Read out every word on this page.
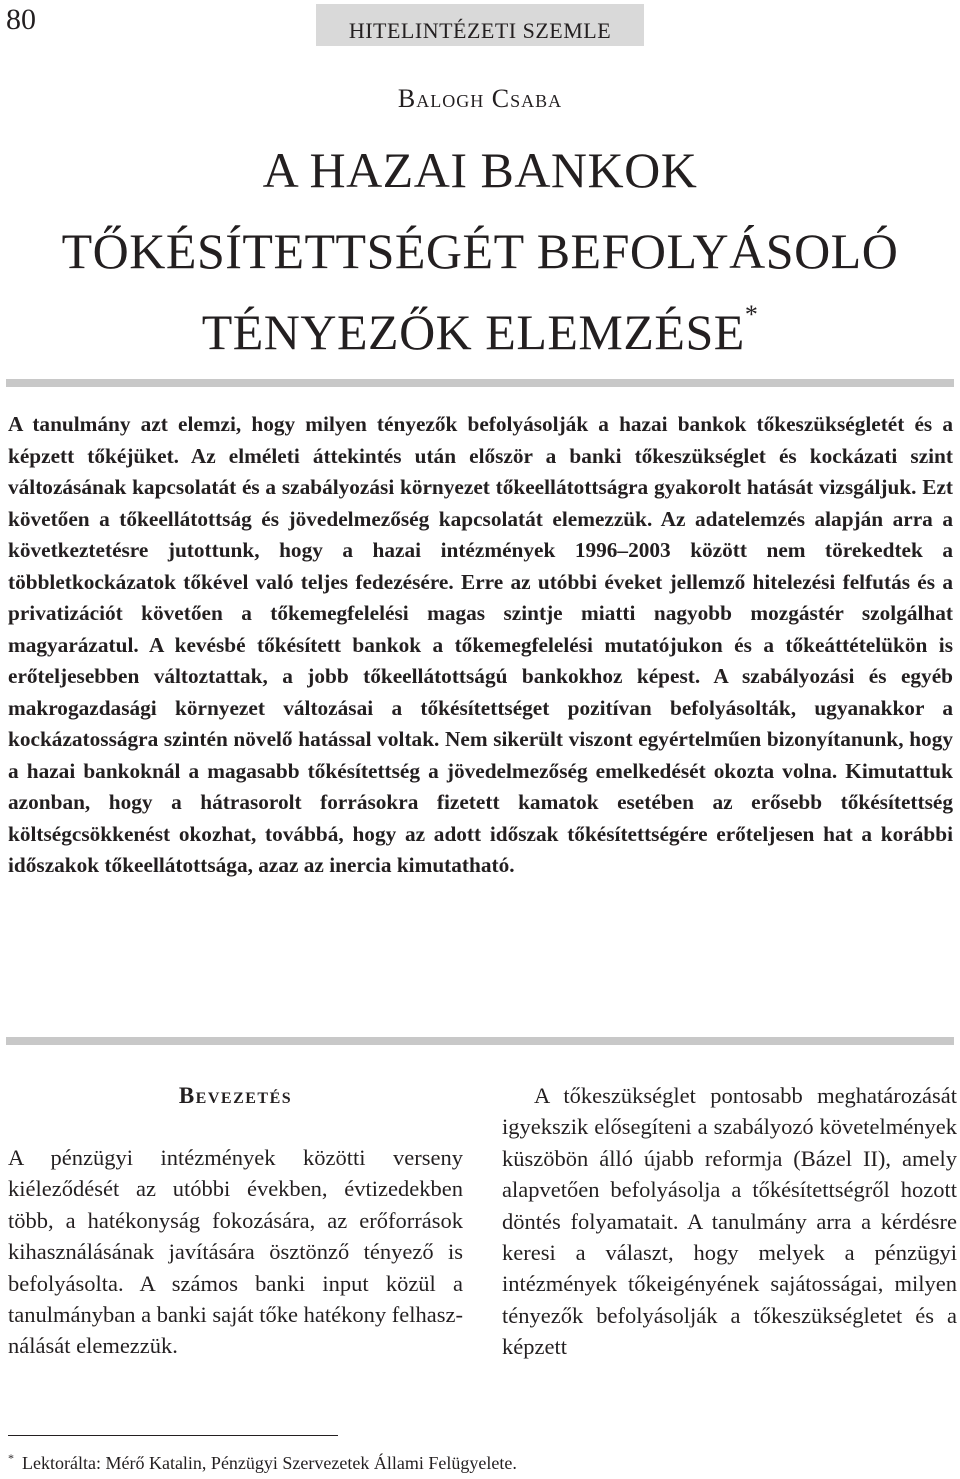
80	HITELINTÉZETI SZEMLE
Balogh Csaba
A HAZAI BANKOK
TŐKÉSÍTETTSÉGÉT BEFOLYÁSOLÓ
TÉNYEZŐK ELEMZÉSE*

A tanulmány azt elemzi, hogy milyen tényezők befolyásolják a hazai bankok tőkeszükségletét és a képzett tőkéjüket. Az elméleti áttekintés után először a banki tőkeszükséglet és kockázati szint változásának kapcsolatát és a szabályozási környezet tőkeellátottságra gyakorolt hatását vizsgáljuk. Ezt követően a tőkeellátottság és jövedelmezőség kapcsolatát elemezzük. Az adatelemzés alapján arra a következtetésre jutottunk, hogy a hazai intézmények 1996–2003 között nem törekedtek a többletkockázatok tőkével való teljes fedezésére. Erre az utóbbi éveket jellemző hitelezési felfutás és a privatizációt követően a tőkemegfelelési magas szintje miatti nagyobb mozgástér szolgálhat magyarázatul. A kevésbé tőkésített bankok a tőkemegfelelési mutatójukon és a tőkeáttételükön is erőteljesebben változtattak, a jobb tőkeellátottságú bankokhoz képest. A szabályozási és egyéb makrogazdasági környezet változásai a tőkésítettséget pozitívan befolyásolták, ugyanakkor a kockázatosságra szintén növelő hatással voltak. Nem sikerült viszont egyértelműen bizonyítanunk, hogy a hazai bankoknál a magasabb tőkésítettség a jövedelmezőség emelkedését okozta volna. Kimutattuk azonban, hogy a hátrasorolt forrásokra fizetett kamatok esetében az erősebb tőkésítettség költségcsökkenést okozhat, továbbá, hogy az adott időszak tőkésítettségére erőteljesen hat a korábbi időszakok tőkeellátottsága, azaz az inercia kimutatható.

Bevezetés

A pénzügyi intézmények közötti verseny kiéleződését az utóbbi években, évtizedekben több, a hatékonyság fokozására, az erőforrások kihasználásának javítására ösztönző tényező is befolyásolta. A számos banki input közül a tanulmányban a banki saját tőke hatékony felhasználását elemezzük.

A tőkeszükséglet pontosabb meghatározását igyekszik elősegíteni a szabályozó követelmények küszöbön álló újabb reformja (Bázel II), amely alapvetően befolyásolja a tőkésítettségről hozott döntés folyamatait. A tanulmány arra a kérdésre keresi a választ, hogy melyek a pénzügyi intézmények tőkeigényének sajátosságai, milyen tényezők befolyásolják a tőkeszükségletet és a képzett

* Lektorálta: Mérő Katalin, Pénzügyi Szervezetek Állami Felügyelete.
